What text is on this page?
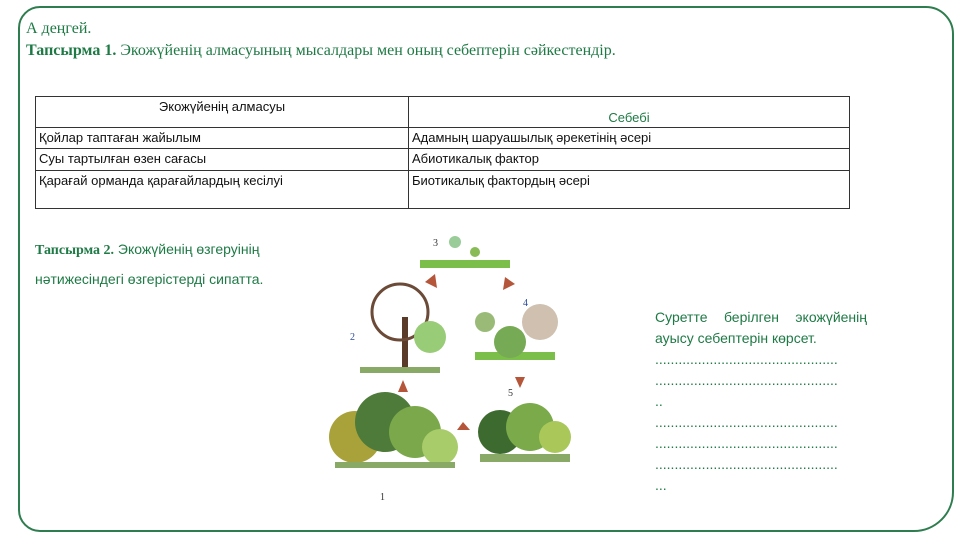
А деңгей.
Тапсырма 1. Экожүйенің алмасуының мысалдары мен оның себептерін сәйкестендір.
Экожүйенің алмасуы	Себебі
Қойлар таптаған жайылым	Адамның шаруашылық әрекетінің әсері
Суы тартылған өзен сағасы	Абиотикалық фактор
Қарағай орманда қарағайлардың кесілуі	Биотикалық фактордың әсері
Тапсырма 2. Экожүйенің өзгеруінің
нәтижесіндегі өзгерістерді сипатта.
1
2
3
4
5
Суретте берілген экожүйенің ауысу себептерін көрсет.
...............................................
...............................................
..
...............................................
...............................................
...............................................
...
